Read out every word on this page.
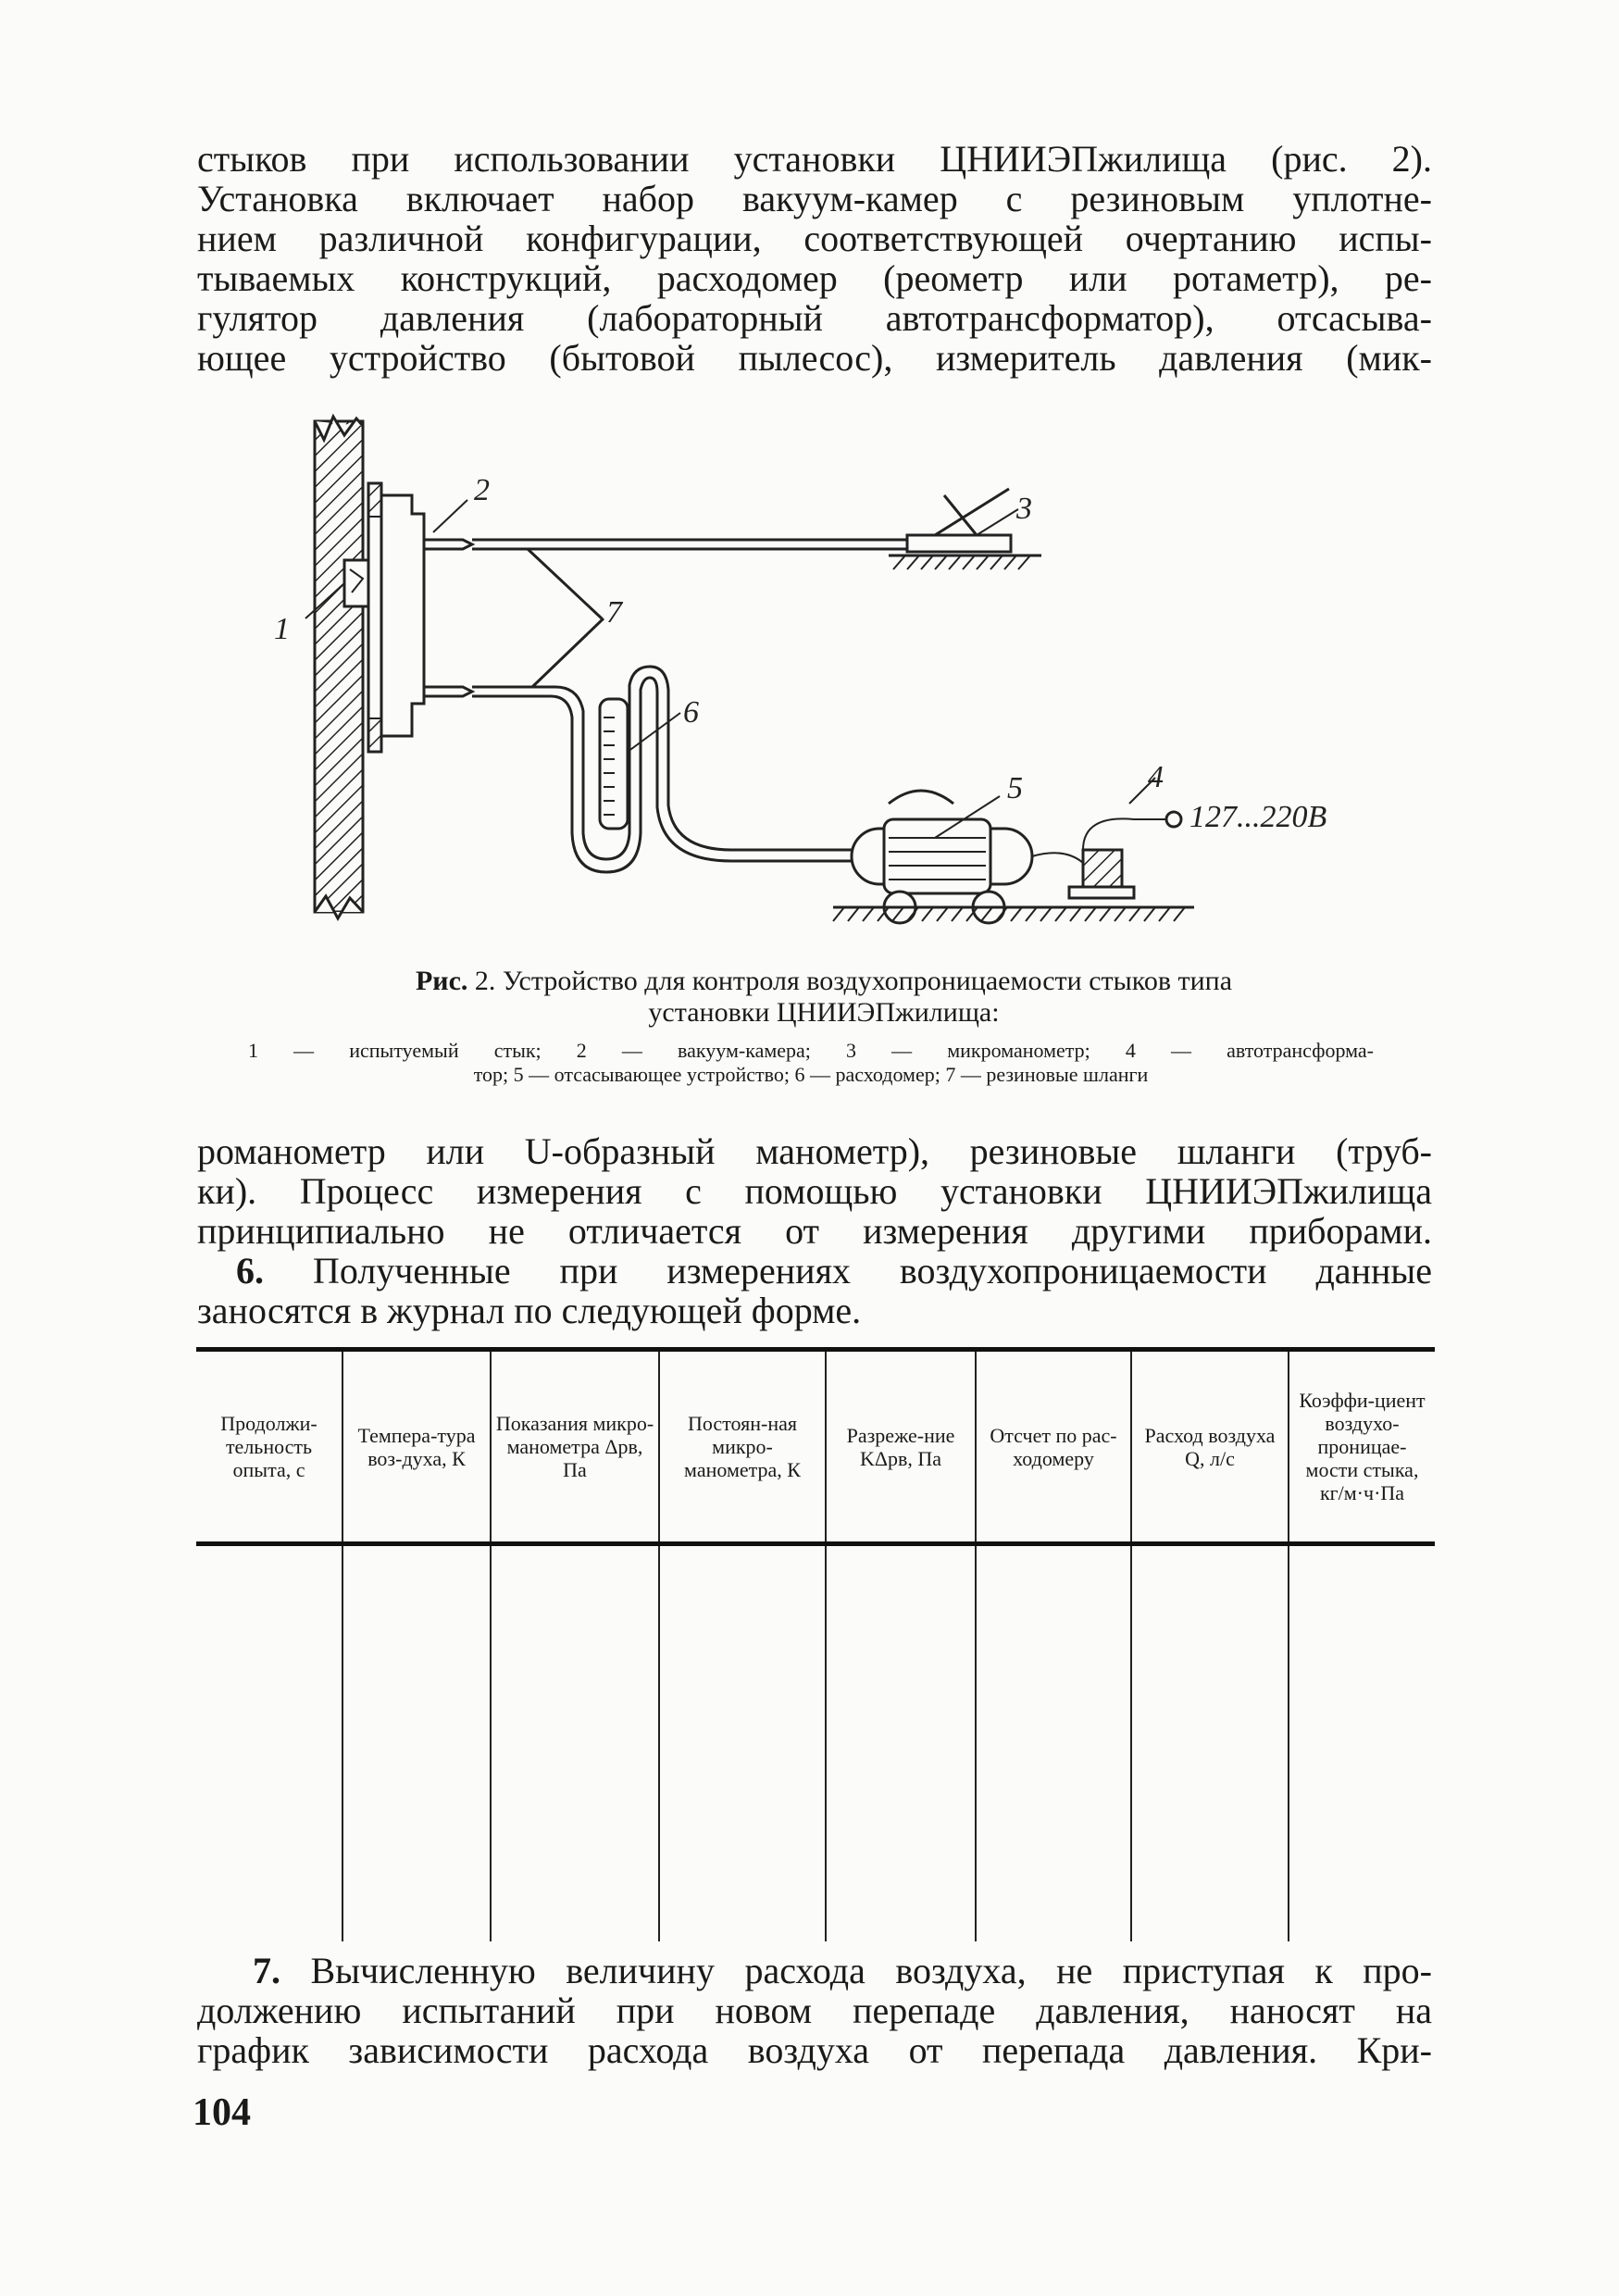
стыков при использовании установки ЦНИИЭПжилища (рис. 2).
Установка включает набор вакуум-камер с резиновым уплотне-
нием различной конфигурации, соответствующей очертанию испы-
тываемых конструкций, расходомер (реометр или ротаметр), ре-
гулятор давления (лабораторный автотрансформатор), отсасыва-
ющее устройство (бытовой пылесос), измеритель давления (мик-
1
2
3
4
5
6
7
127...220В
Рис. 2. Устройство для контроля воздухопроницаемости стыков типа
установки ЦНИИЭПжилища:
1 — испытуемый стык; 2 — вакуум-камера; 3 — микроманометр; 4 — автотрансформа-
тор; 5 — отсасывающее устройство; 6 — расходомер; 7 — резиновые шланги
романометр или U-образный манометр), резиновые шланги (труб-
ки). Процесс измерения с помощью установки ЦНИИЭПжилища
принципиально не отличается от измерения другими приборами.
6. Полученные при измерениях воздухопроницаемости данные
заносятся в журнал по следующей форме.
Продолжи-тельность опыта, с	Темпера-тура воз-духа, К	Показания микро-манометра Δpв, Па	Постоян-ная микро-манометра, К	Разреже-ние KΔpв, Па	Отсчет по рас-ходомеру	Расход воздуха Q, л/с	Коэффи-циент воздухо-проницае-мости стыка, кг/м·ч·Па

7. Вычисленную величину расхода воздуха, не приступая к про-
должению испытаний при новом перепаде давления, наносят на
график зависимости расхода воздуха от перепада давления. Кри-
104
